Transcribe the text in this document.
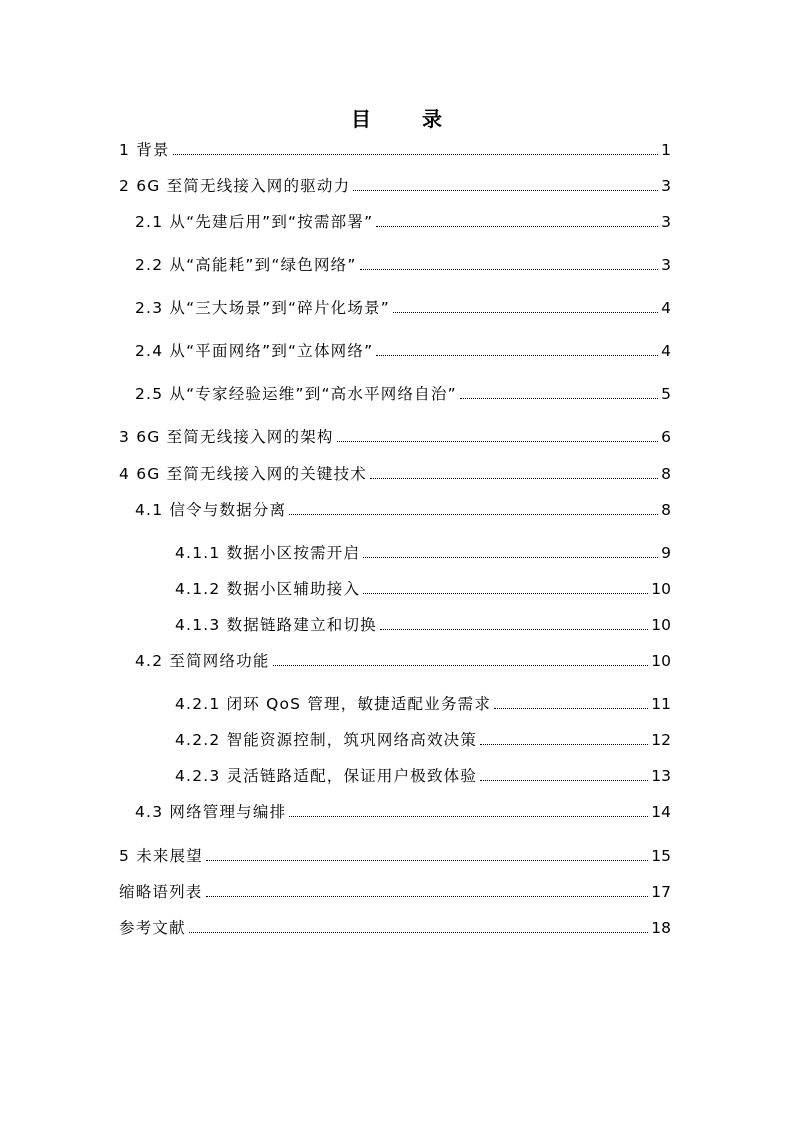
目 录
1 背景	1
2 6G 至简无线接入网的驱动力	3
2.1 从“先建后用”到“按需部署”	3
2.2 从“高能耗”到“绿色网络”	3
2.3 从“三大场景”到“碎片化场景”	4
2.4 从“平面网络”到“立体网络”	4
2.5 从“专家经验运维”到“高水平网络自治”	5
3 6G 至简无线接入网的架构	6
4 6G 至简无线接入网的关键技术	8
4.1 信令与数据分离	8
4.1.1 数据小区按需开启	9
4.1.2 数据小区辅助接入	10
4.1.3 数据链路建立和切换	10
4.2 至简网络功能	10
4.2.1 闭环 QoS 管理，敏捷适配业务需求	11
4.2.2 智能资源控制，筑巩网络高效决策	12
4.2.3 灵活链路适配，保证用户极致体验	13
4.3 网络管理与编排	14
5 未来展望	15
缩略语列表	17
参考文献	18
